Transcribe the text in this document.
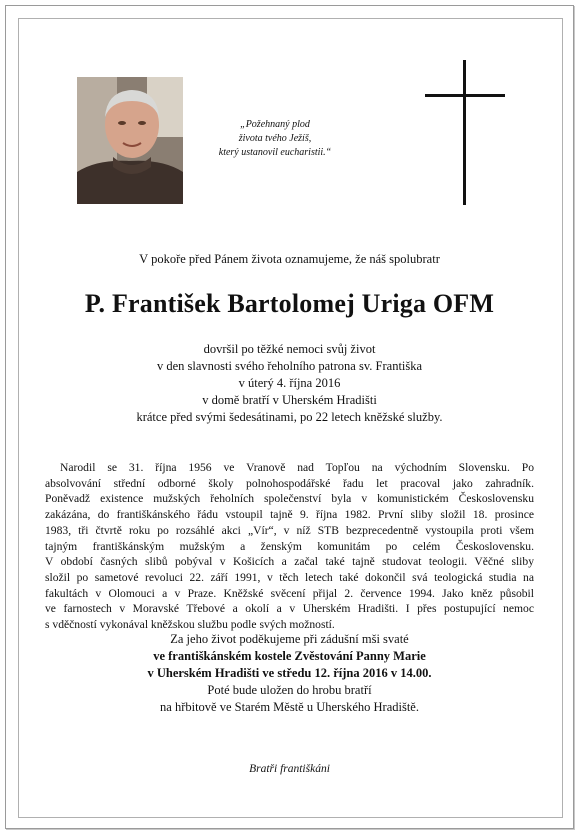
„Požehnaný plod
života tvého Ježíš,
který ustanovil eucharistii.“
V pokoře před Pánem života oznamujeme, že náš spolubratr
P. František Bartolomej Uriga OFM
dovršil po těžké nemoci svůj život
v den slavnosti svého řeholního patrona sv. Františka
v úterý 4. října 2016
v domě bratří v Uherském Hradišti
krátce před svými šedesátinami, po 22 letech kněžské služby.
Narodil se 31. října 1956 ve Vranově nad Topľou na východním Slovensku. Po
absolvování střední odborné školy polnohospodářské řadu let pracoval jako zahradník.
Poněvadž existence mužských řeholních společenství byla v komunistickém Československu
zakázána, do františkánského řádu vstoupil tajně 9. října 1982. První sliby složil 18. prosince
1983, tři čtvrtě roku po rozsáhlé akci „Vír“, v níž STB bezprecedentně vystoupila proti všem
tajným františkánským mužským a ženským komunitám po celém Československu.
V období časných slibů pobýval v Košicích a začal také tajně studovat teologii. Věčné sliby
složil po sametové revoluci 22. září 1991, v těch letech také dokončil svá teologická studia na
fakultách v Olomouci a v Praze. Kněžské svěcení přijal 2. července 1994. Jako kněz působil
ve farnostech v Moravské Třebové a okolí a v Uherském Hradišti. I přes postupující nemoc
s vděčností vykonával kněžskou službu podle svých možností.
Za jeho život poděkujeme při zádušní mši svaté
ve františkánském kostele Zvěstování Panny Marie
v Uherském Hradišti ve středu 12. října 2016 v 14.00.
Poté bude uložen do hrobu bratří
na hřbitově ve Starém Městě u Uherského Hradiště.
Bratři františkáni
